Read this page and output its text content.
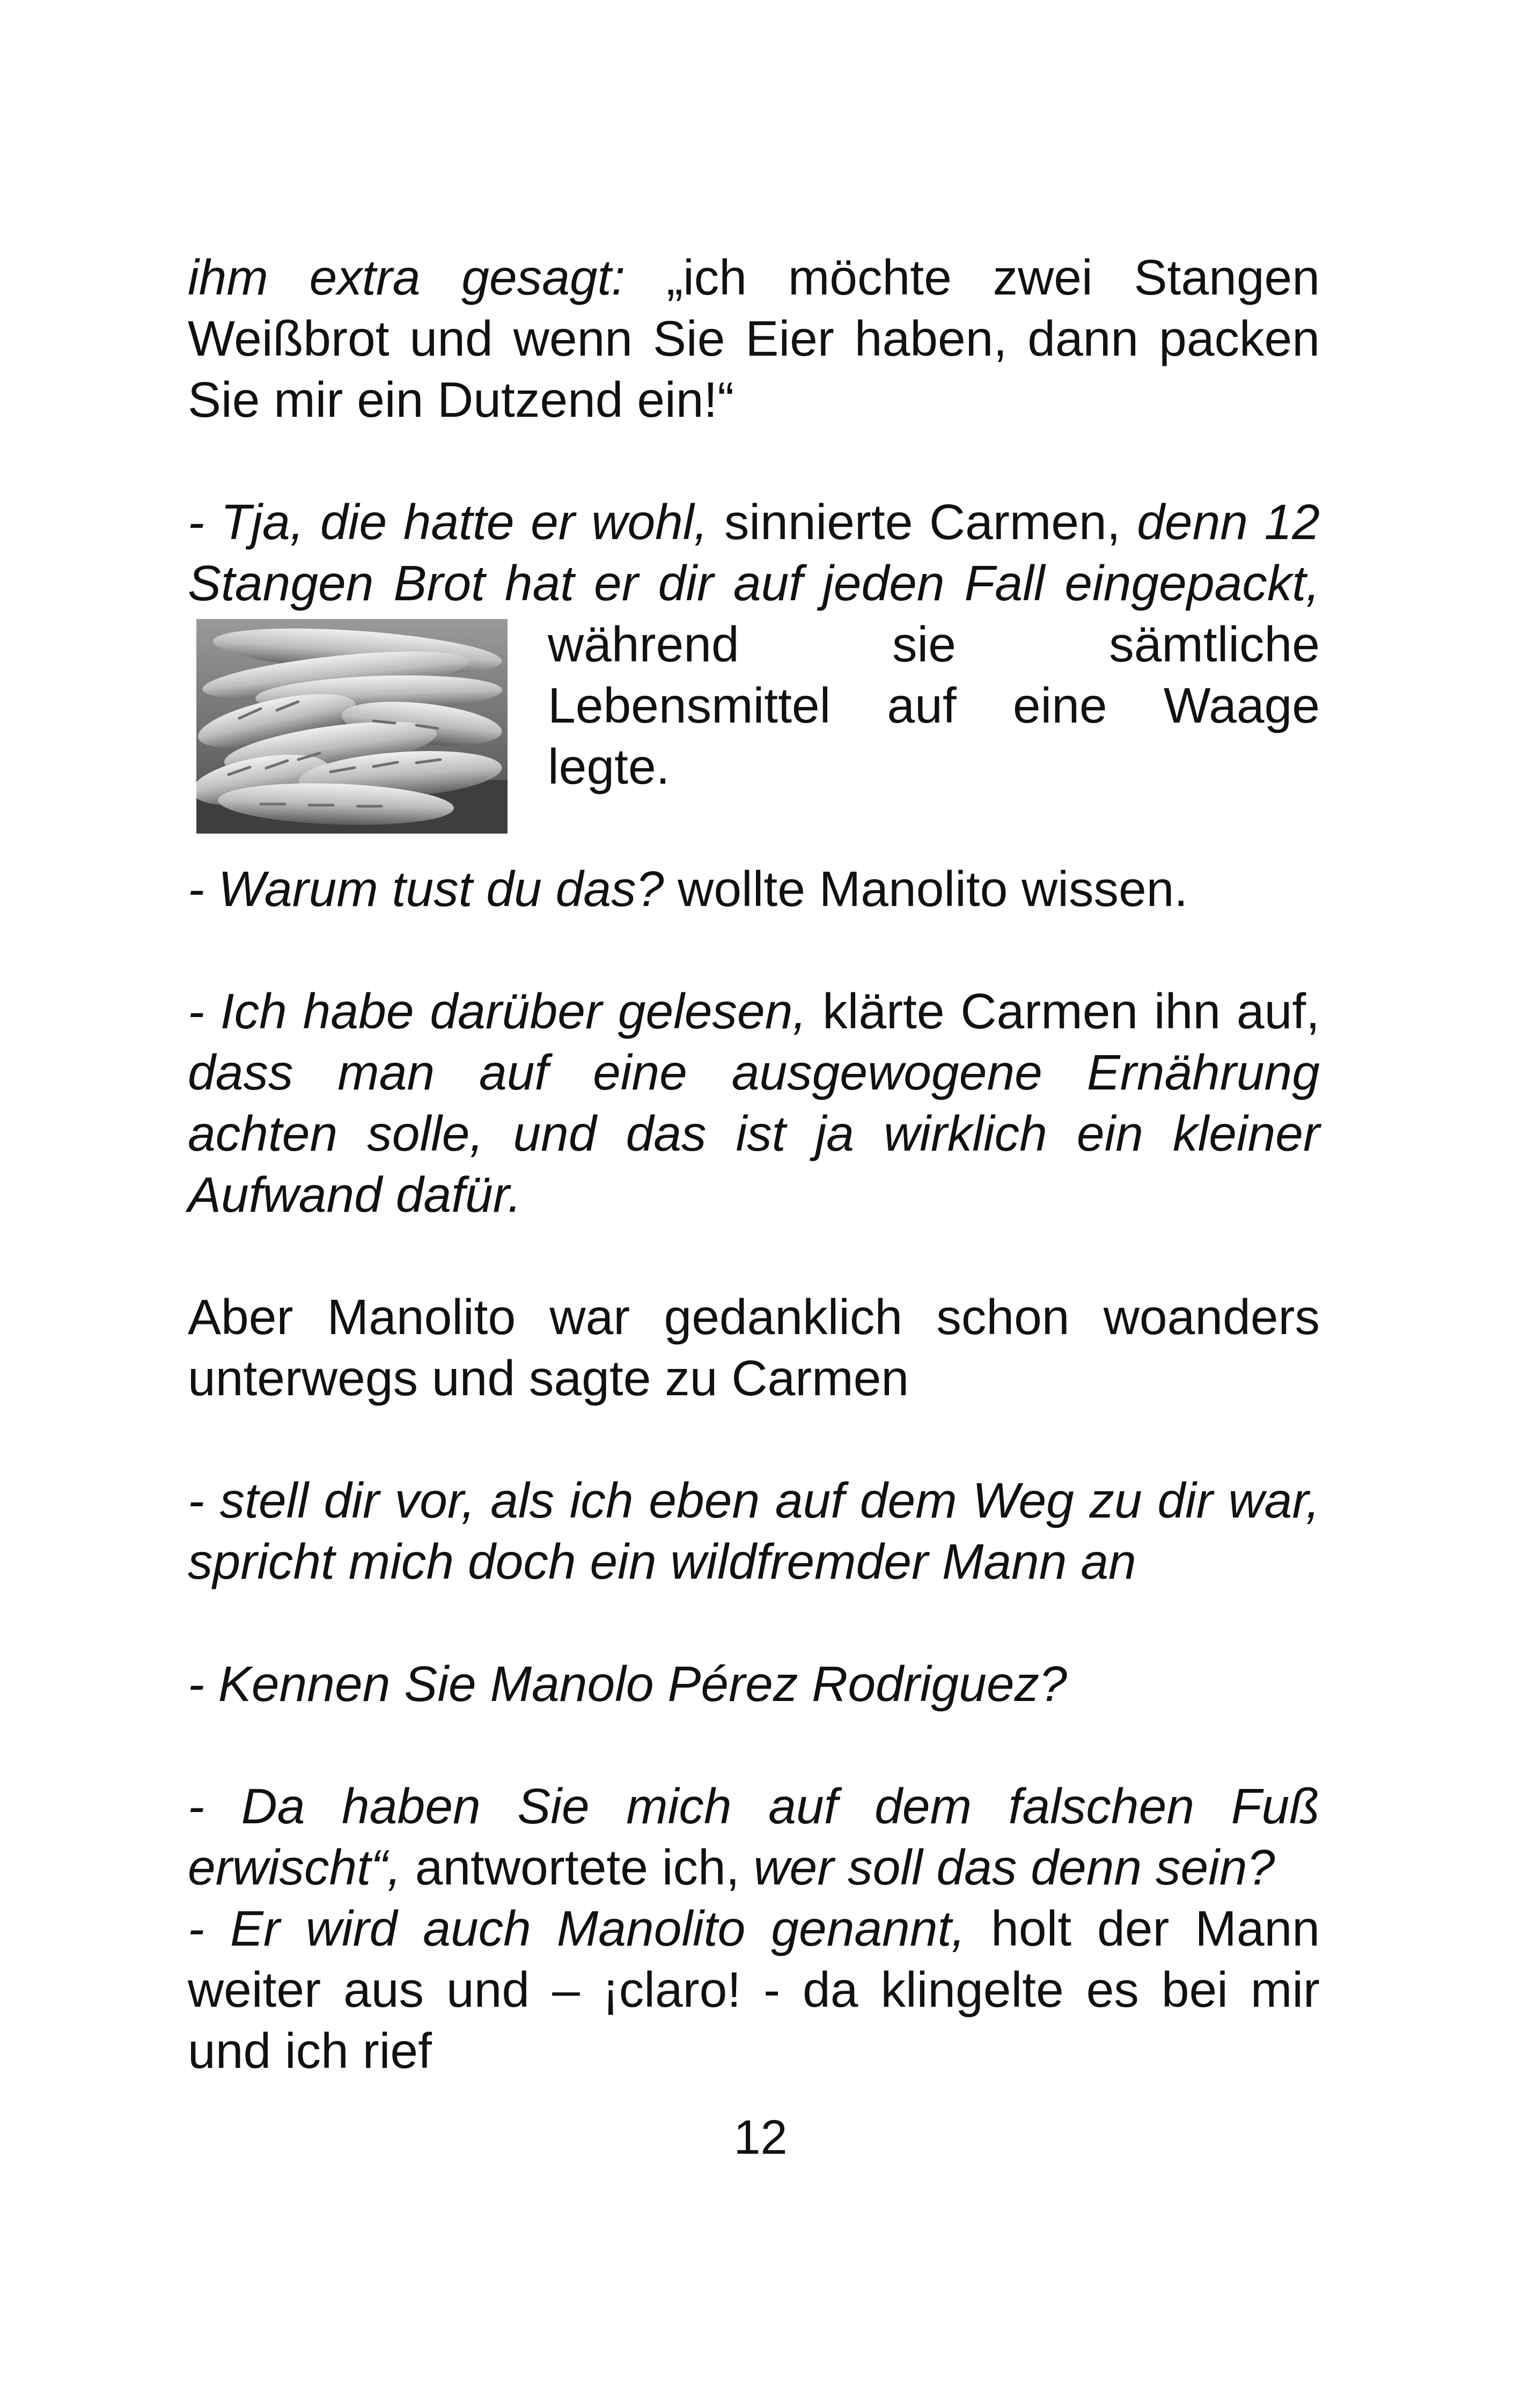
ihm extra gesagt: „ich möchte zwei Stangen Weißbrot und wenn Sie Eier haben, dann packen Sie mir ein Dutzend ein!“

- Tja, die hatte er wohl, sinnierte Carmen, denn 12 Stangen Brot hat er dir auf jeden Fall eingepackt,
während sie sämtliche Lebensmittel auf eine Waage legte.

- Warum tust du das? wollte Manolito wissen.

- Ich habe darüber gelesen, klärte Carmen ihn auf, dass man auf eine ausgewogene Ernährung achten solle, und das ist ja wirklich ein kleiner Aufwand dafür.

Aber Manolito war gedanklich schon woanders unterwegs und sagte zu Carmen

- stell dir vor, als ich eben auf dem Weg zu dir war, spricht mich doch ein wildfremder Mann an

- Kennen Sie Manolo Pérez Rodriguez?

- Da haben Sie mich auf dem falschen Fuß erwischt“, antwortete ich, wer soll das denn sein?

- Er wird auch Manolito genannt, holt der Mann weiter aus und – ¡claro! - da klingelte es bei mir und ich rief

12
